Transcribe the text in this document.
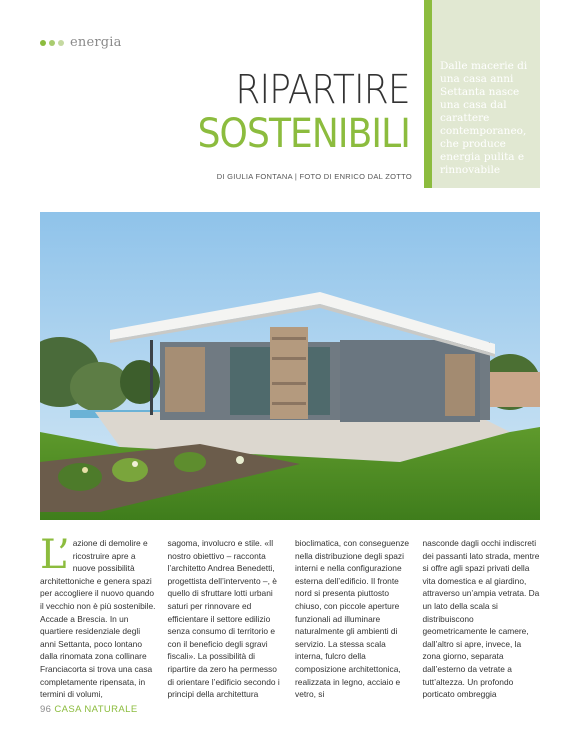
energia
RIPARTIRE
SOSTENIBILI
DI GIULIA FONTANA | FOTO DI ENRICO DAL ZOTTO
Dalle macerie di una casa anni Settanta nasce una casa dal carattere contemporaneo, che produce energia pulita e rinnovabile
L’ azione di demolire e ricostruire apre a nuove possibilità architettoniche e genera spazi per accogliere il nuovo quando il vecchio non è più sostenibile. Accade a Brescia. In un quartiere residenziale degli anni Settanta, poco lontano dalla rinomata zona collinare Franciacorta si trova una casa completamente ripensata, in termini di volumi,
sagoma, involucro e stile. «Il nostro obiettivo – racconta l’architetto Andrea Benedetti, progettista dell’intervento –, è quello di sfruttare lotti urbani saturi per rinnovare ed efficientare il settore edilizio senza consumo di territorio e con il beneficio degli sgravi fiscali». La possibilità di ripartire da zero ha permesso di orientare l’edificio secondo i principi della architettura
bioclimatica, con conseguenze nella distribuzione degli spazi interni e nella configurazione esterna dell’edificio. Il fronte nord si presenta piuttosto chiuso, con piccole aperture funzionali ad illuminare naturalmente gli ambienti di servizio. La stessa scala interna, fulcro della composizione architettonica, realizzata in legno, acciaio e vetro, si
nasconde dagli occhi indiscreti dei passanti lato strada, mentre si offre agli spazi privati della vita domestica e al giardino, attraverso un’ampia vetrata. Da un lato della scala si distribuiscono geometricamente le camere, dall’altro si apre, invece, la zona giorno, separata dall’esterno da vetrate a tutt’altezza. Un profondo porticato ombreggia
96 CASA NATURALE
